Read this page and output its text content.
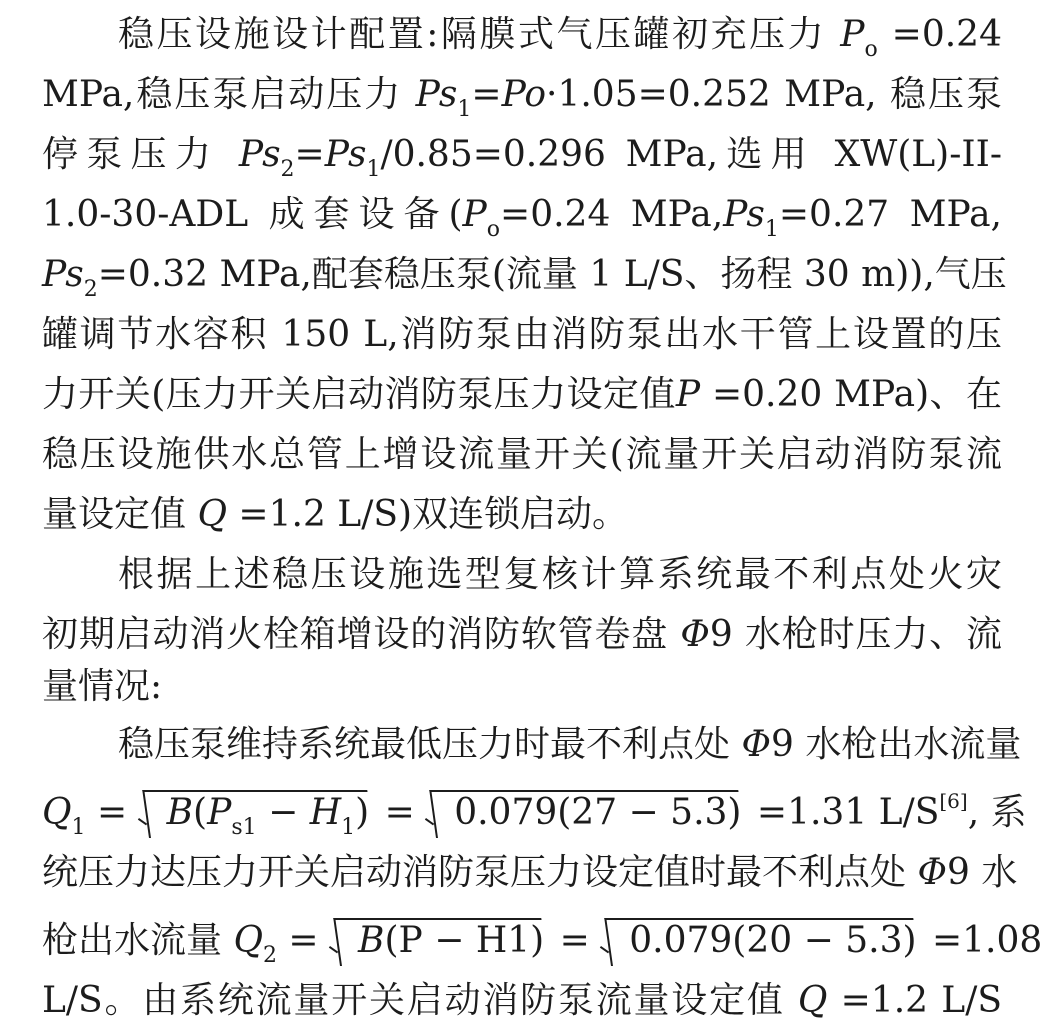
稳压设施设计配置:隔膜式气压罐初充压力 $P_o =0.24$
MPa,稳压泵启动压力 $Ps_1=Po\cdot 1.05=0.252$ MPa, 稳压泵
停泵压力 $Ps_2=Ps_1/0.85=0.296$ MPa,选用 XW(L)-II-
1.0-30-ADL 成套设备($P_o=0.24$ $MPa,Ps_1=0.27$ MPa,
$Ps_2=0.32$ MPa,配套稳压泵(流量 1 L/S、扬程 30 m)),气压
罐调节水容积 150 L,消防泵由消防泵出水干管上设置的压
力开关(压力开关启动消防泵压力设定值P =0.20 MPa)、在
稳压设施供水总管上增设流量开关(流量开关启动消防泵流
量设定值 Q =1.2 L/S)双连锁启动。
根据上述稳压设施选型复核计算系统最不利点处火灾
初期启动消火栓箱增设的消防软管卷盘 Φ9 水枪时压力、流
量情况:
稳压泵维持系统最低压力时最不利点处 Φ9 水枪出水流量
$Q_1$ =
$B(P_{s1} - H_1)$ =
0.079(27 − 5.3) =1.31 L/S[6], 系
统压力达压力开关启动消防泵压力设定值时最不利点处 Φ9 水
枪出水流量 $Q_2$ =
B(P − H1) =
0.079(20 − 5.3) =1.08
L/S。由系统流量开关启动消防泵流量设定值 Q =1.2 L/S
